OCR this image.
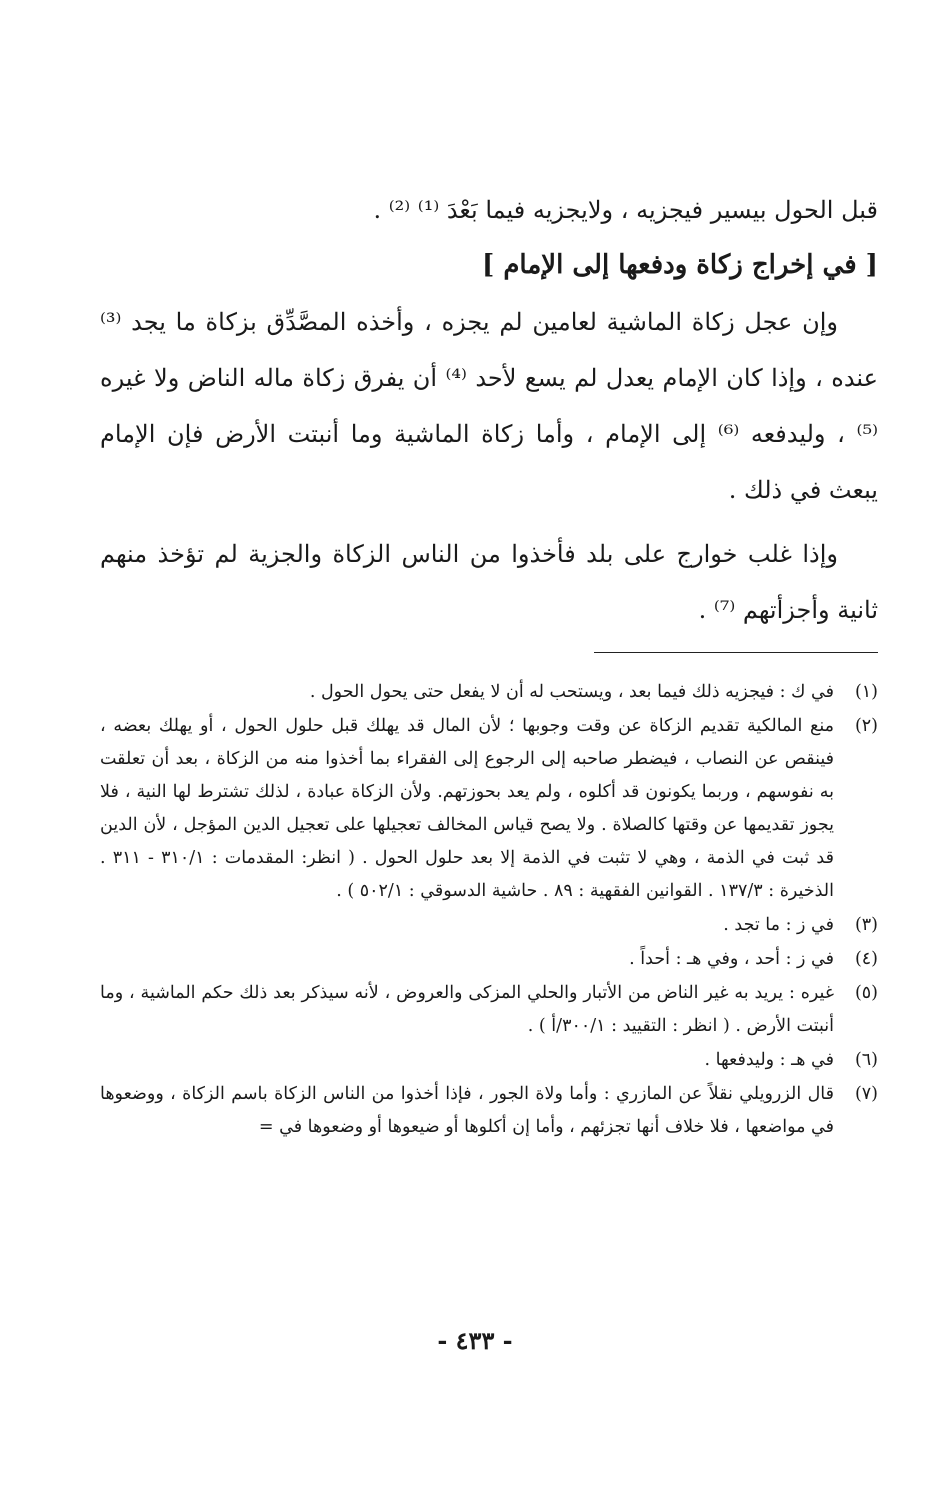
قبل الحول بيسير فيجزيه ، ولايجزيه فيما بَعْدَ ⁽¹⁾ ⁽²⁾ .

[ في إخراج زكاة ودفعها إلى الإمام ]

وإن عجل زكاة الماشية لعامين لم يجزه ، وأخذه المصَّدِّق بزكاة ما يجد ⁽³⁾ عنده ، وإذا كان الإمام يعدل لم يسع لأحد ⁽⁴⁾ أن يفرق زكاة ماله الناض ولا غيره ⁽⁵⁾ ، وليدفعه ⁽⁶⁾ إلى الإمام ، وأما زكاة الماشية وما أنبتت الأرض فإن الإمام يبعث في ذلك .

وإذا غلب خوارج على بلد فأخذوا من الناس الزكاة والجزية لم تؤخذ منهم ثانية وأجزأتهم ⁽⁷⁾ .

(١)
في ك : فيجزيه ذلك فيما بعد ، ويستحب له أن لا يفعل حتى يحول الحول .
(٢)
منع المالكية تقديم الزكاة عن وقت وجوبها ؛ لأن المال قد يهلك قبل حلول الحول ، أو يهلك بعضه ، فينقص عن النصاب ، فيضطر صاحبه إلى الرجوع إلى الفقراء بما أخذوا منه من الزكاة ، بعد أن تعلقت به نفوسهم ، وربما يكونون قد أكلوه ، ولم يعد بحوزتهم. ولأن الزكاة عبادة ، لذلك تشترط لها النية ، فلا يجوز تقديمها عن وقتها كالصلاة . ولا يصح قياس المخالف تعجيلها على تعجيل الدين المؤجل ، لأن الدين قد ثبت في الذمة ، وهي لا تثبت في الذمة إلا بعد حلول الحول . ( انظر: المقدمات : ٣١٠/١ - ٣١١ . الذخيرة : ١٣٧/٣ . القوانين الفقهية : ٨٩ . حاشية الدسوقي : ٥٠٢/١ ) .
(٣)
في ز : ما تجد .
(٤)
في ز : أحد ، وفي هـ : أحداً .
(٥)
غيره : يريد به غير الناض من الأتبار والحلي المزكى والعروض ، لأنه سيذكر بعد ذلك حكم الماشية ، وما أنبتت الأرض . ( انظر : التقييد : ٣٠٠/١/أ ) .
(٦)
في هـ : وليدفعها .
(٧)
قال الزرويلي نقلاً عن المازري : وأما ولاة الجور ، فإذا أخذوا من الناس الزكاة باسم الزكاة ، ووضعوها في مواضعها ، فلا خلاف أنها تجزئهم ، وأما إن أكلوها أو ضيعوها أو وضعوها في =
- ٤٣٣ -
